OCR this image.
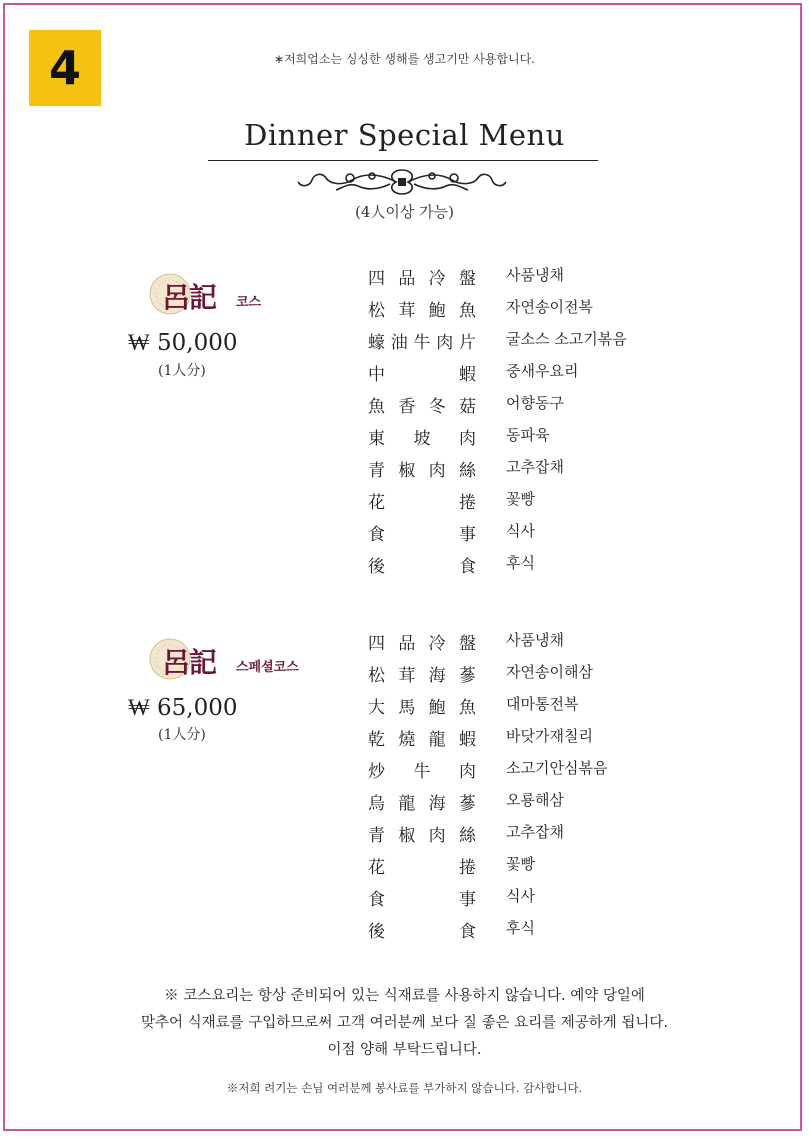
4	∗저희업소는 싱싱한 생해를 생고기만 사용합니다.
Dinner Special Menu
(4人이상 가능)
呂記 코스
₩ 50,000
(1人分)
四 品 冷 盤 사품냉채
松 茸 鮑 魚 자연송이전복
蠔 油 牛 肉 片 굴소스 소고기볶음
中	蝦 중새우요리
魚 香 冬 菇 어향동구
東 坡 肉 동파육
青 椒 肉 絲 고추잡채
花	捲 꽃빵
食	事 식사
後	食 후식
呂記 스페셜코스
₩ 65,000
(1人分)
四 品 冷 盤 사품냉채
松 茸 海 蔘 자연송이해삼
大 馬 鮑 魚 대마통전복
乾 燒 龍 蝦 바닷가재칠리
炒 牛 肉 소고기안심볶음
烏 龍 海 蔘 오룡해삼
青 椒 肉 絲 고추잡채
花	捲 꽃빵
食	事 식사
後	食 후식
※ 코스요리는 항상 준비되어 있는 식재료를 사용하지 않습니다. 예약 당일에
맞추어 식재료를 구입하므로써 고객 여러분께 보다 질 좋은 요리를 제공하게 됩니다.
이점 양해 부탁드립니다.
※저희 려기는 손님 여러분께 봉사료를 부가하지 않습니다. 감사합니다.
